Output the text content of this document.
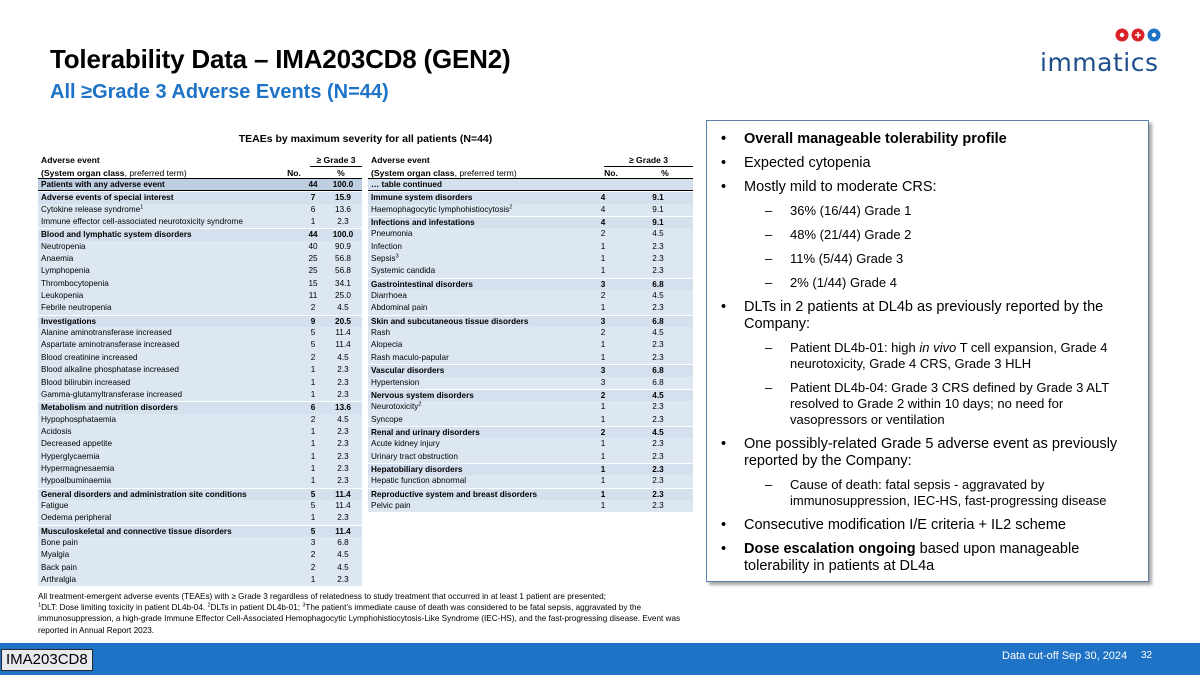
Tolerability Data – IMA203CD8 (GEN2)
All ≥Grade 3 Adverse Events (N=44)
immatics
TEAEs by maximum severity for all patients (N=44)
Adverse event
(System organ class, preferred term)
≥ Grade 3
No.	%
Patients with any adverse event	44	100.0
Adverse events of special interest	7	15.9
Cytokine release syndrome$^1$	6	13.6
Immune effector cell-associated neurotoxicity syndrome	1	2.3
Blood and lymphatic system disorders	44	100.0
Neutropenia	40	90.9
Anaemia	25	56.8
Lymphopenia	25	56.8
Thrombocytopenia	15	34.1
Leukopenia	11	25.0
Febrile neutropenia	2	4.5
Investigations	9	20.5
Alanine aminotransferase increased	5	11.4
Aspartate aminotransferase increased	5	11.4
Blood creatinine increased	2	4.5
Blood alkaline phosphatase increased	1	2.3
Blood bilirubin increased	1	2.3
Gamma-glutamyltransferase increased	1	2.3
Metabolism and nutrition disorders	6	13.6
Hypophosphataemia	2	4.5
Acidosis	1	2.3
Decreased appetite	1	2.3
Hyperglycaemia	1	2.3
Hypermagnesaemia	1	2.3
Hypoalbuminaemia	1	2.3
General disorders and administration site conditions	5	11.4
Fatigue	5	11.4
Oedema peripheral	1	2.3
Musculoskeletal and connective tissue disorders	5	11.4
Bone pain	3	6.8
Myalgia	2	4.5
Back pain	2	4.5
Arthralgia	1	2.3
Adverse event
(System organ class, preferred term)
≥ Grade 3
No.	%
… table continued
Immune system disorders	4	9.1
Haemophagocytic lymphohistiocytosis$^2$	4	9.1
Infections and infestations	4	9.1
Pneumonia	2	4.5
Infection	1	2.3
Sepsis$^3$	1	2.3
Systemic candida	1	2.3
Gastrointestinal disorders	3	6.8
Diarrhoea	2	4.5
Abdominal pain	1	2.3
Skin and subcutaneous tissue disorders	3	6.8
Rash	2	4.5
Alopecia	1	2.3
Rash maculo-papular	1	2.3
Vascular disorders	3	6.8
Hypertension	3	6.8
Nervous system disorders	2	4.5
Neurotoxicity$^2$	1	2.3
Syncope	1	2.3
Renal and urinary disorders	2	4.5
Acute kidney injury	1	2.3
Urinary tract obstruction	1	2.3
Hepatobiliary disorders	1	2.3
Hepatic function abnormal	1	2.3
Reproductive system and breast disorders	1	2.3
Pelvic pain	1	2.3
• Overall manageable tolerability profile
• Expected cytopenia
• Mostly mild to moderate CRS:
– 36% (16/44) Grade 1
– 48% (21/44) Grade 2
– 11% (5/44) Grade 3
– 2% (1/44) Grade 4
• DLTs in 2 patients at DL4b as previously reported by the Company:
– Patient DL4b-01: high in vivo T cell expansion, Grade 4 neurotoxicity, Grade 4 CRS, Grade 3 HLH
– Patient DL4b-04: Grade 3 CRS defined by Grade 3 ALT resolved to Grade 2 within 10 days; no need for vasopressors or ventilation
• One possibly-related Grade 5 adverse event as previously reported by the Company:
– Cause of death: fatal sepsis - aggravated by immunosuppression, IEC-HS, fast-progressing disease
• Consecutive modification I/E criteria + IL2 scheme
• Dose escalation ongoing based upon manageable tolerability in patients at DL4a
All treatment-emergent adverse events (TEAEs) with ≥ Grade 3 regardless of relatedness to study treatment that occurred in at least 1 patient are presented;
$^1$DLT: Dose limiting toxicity in patient DL4b-04. $^2$DLTs in patient DL4b-01; $^3$The patient’s immediate cause of death was considered to be fatal sepsis, aggravated by the immunosuppression, a high-grade Immune Effector Cell-Associated Hemophagocytic Lymphohistiocytosis-Like Syndrome (IEC-HS), and the fast-progressing disease. Event was reported in Annual Report 2023.
IMA203CD8	Data cut-off Sep 30, 2024 32
